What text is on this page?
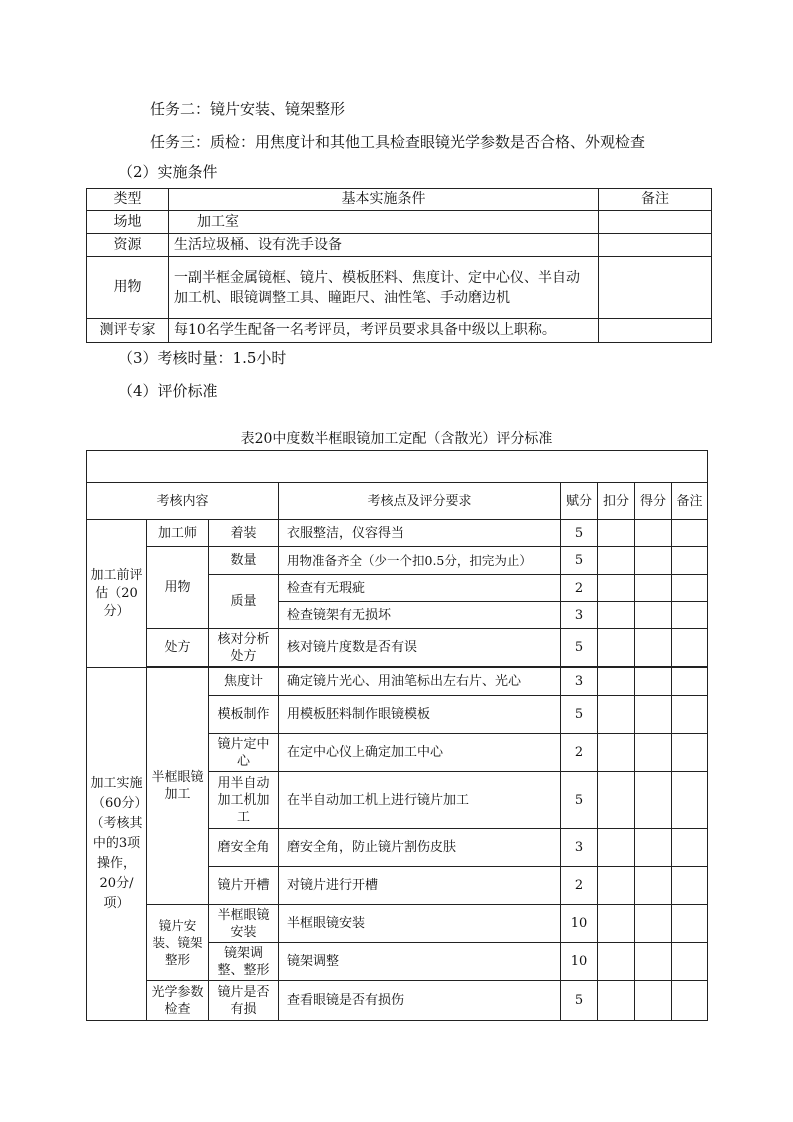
任务二：镜片安装、镜架整形
任务三：质检：用焦度计和其他工具检查眼镜光学参数是否合格、外观检查
（2）实施条件
类型	基本实施条件	备注
场地	加工室	
资源	生活垃圾桶、设有洗手设备	
用物	一副半框金属镜框、镜片、模板胚料、焦度计、定中心仪、半自动加工机、眼镜调整工具、瞳距尺、油性笔、手动磨边机	
测评专家	每10名学生配备一名考评员，考评员要求具备中级以上职称。	
（3）考核时量：1.5小时
（4）评价标准
表20中度数半框眼镜加工定配（含散光）评分标准

考核内容			考核点及评分要求	赋分	扣分	得分	备注
加工前评估（20分）	加工师	着装	衣服整洁，仪容得当	5			
	用物	数量	用物准备齐全（少一个扣0.5分，扣完为止）	5			
		质量	检查有无瑕疵	2			
			检查镜架有无损坏	3			
	处方	核对分析处方	核对镜片度数是否有误	5			

加工实施（60分）（考核其中的3项操作，20分/项）	半框眼镜加工	焦度计	确定镜片光心、用油笔标出左右片、光心	3			
		模板制作	用模板胚料制作眼镜模板	5			
		镜片定中心	在定中心仪上确定加工中心	2			
		用半自动加工机加工	在半自动加工机上进行镜片加工	5			
		磨安全角	磨安全角，防止镜片割伤皮肤	3			
		镜片开槽	对镜片进行开槽	2			
	镜片安装、镜架整形	半框眼镜安装	半框眼镜安装	10			
		镜架调整、整形	镜架调整	10			
	光学参数检查	镜片是否有损	查看眼镜是否有损伤	5			
